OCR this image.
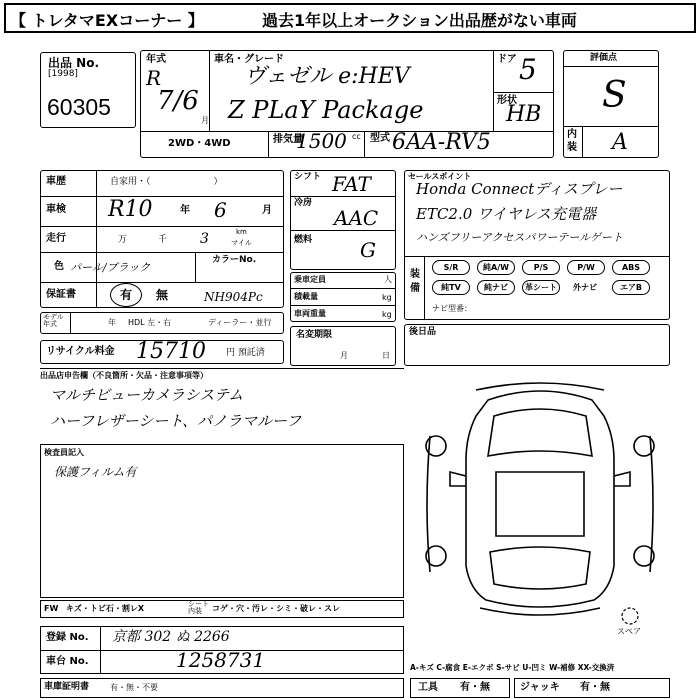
【 トレタマEXコーナー 】	過去1年以上オークション出品歴がない車両
出品 No.
[1998]
60305
年式
R
7/6
月
車名・グレード
ヴェゼル e:HEV
Z PLaY Package
2WD・4WD	排気量
1500 cc 型式 6AA-RV5
ドア 5
形状
HB
評価点
S
内装 A
車歴	自家用・（　　　　　　　）
車検 R10	年 6	月
走行	万	千 3	km
マイル
色 パール/ブラック
カラーNo.
保証書	有 無	NH904Pc
モデル年式	年 HDL 左・右	ディーラー・並行
シフト FAT
冷房
AAC
燃料 G
乗車定員	人
積載量	kg
車両重量	kg
名変期限
月	日
セールスポイント
Honda Connectディスプレー
ETC2.0 ワイヤレス充電器
ハンズフリーアクセスパワーテールゲート
装備
S/R	純A/W	P/S	P/W	ABS
純TV	純ナビ	革シート	外ナビ	エアB
ナビ型番：
後日品
リサイクル料金 15710 円 預託済
出品店申告欄（不良箇所・欠品・注意事項等）
マルチビューカメラシステム
ハーフレザーシート、パノラマルーフ
検査員記入
保護フィルム有
スペア
FW キズ・トビ石・割レX	シート内装	コゲ・穴・汚レ・シミ・破レ・スレ
登録 No. 京都 302 ぬ 2266
車台 No.	1258731
車庫証明書	有・無・不要
A-キズ C-腐食 E-エクボ S-サビ U-凹ミ W-補修 XX-交換済
工具 有・無	ジャッキ 有・無
